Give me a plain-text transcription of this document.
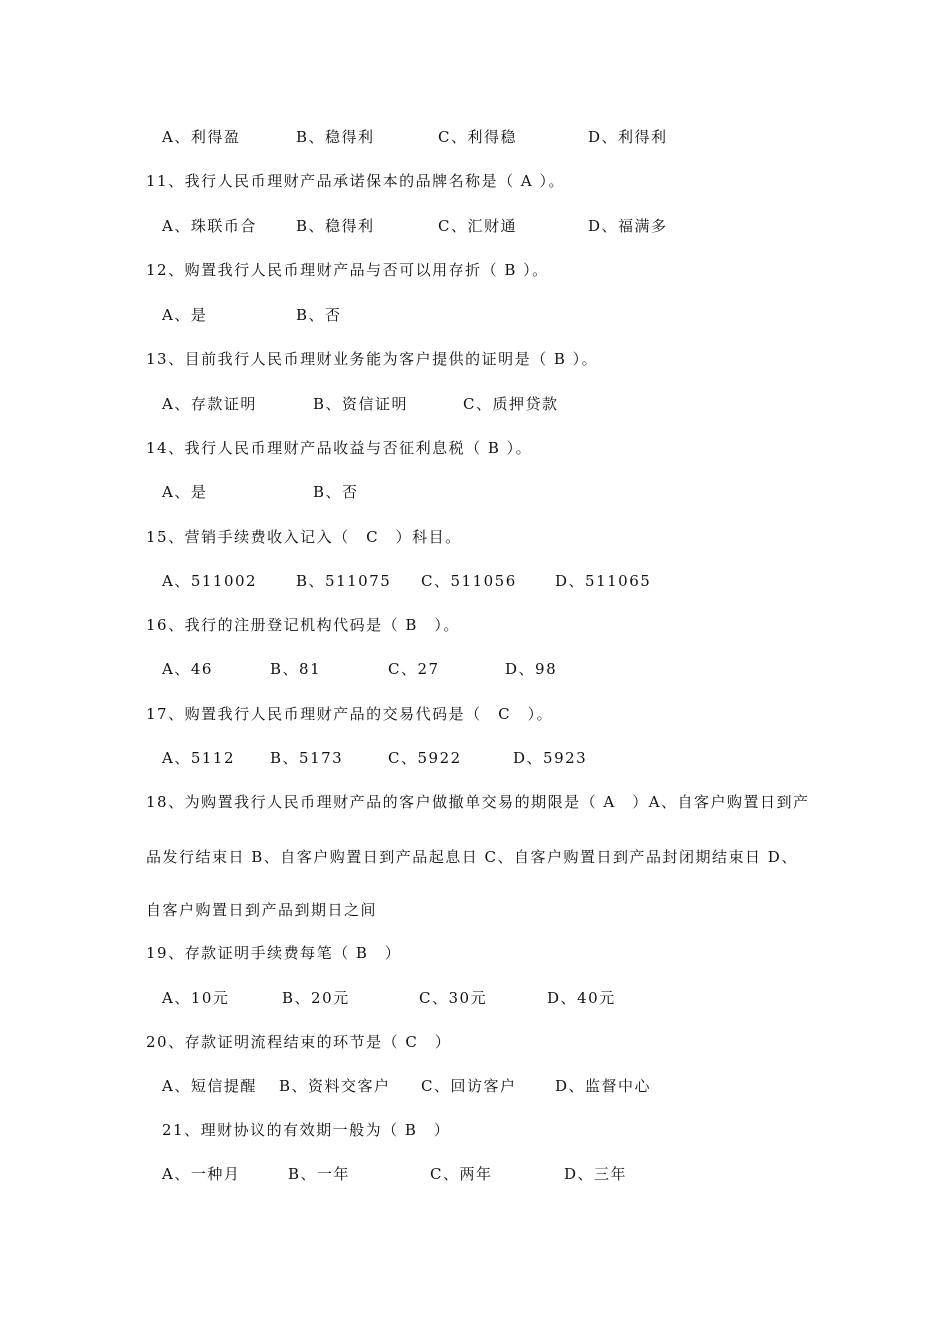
A、利得盈	B、稳得利	C、利得稳	D、利得利
11、我行人民币理财产品承诺保本的品牌名称是（ A ）。
A、珠联币合	B、稳得利	C、汇财通	D、福满多
12、购置我行人民币理财产品与否可以用存折（ B ）。
A、是	B、否
13、目前我行人民币理财业务能为客户提供的证明是（ B ）。
A、存款证明	B、资信证明	C、质押贷款
14、我行人民币理财产品收益与否征利息税（ B ）。
A、是	B、否
15、营销手续费收入记入（　C　）科目。
A、511002	B、511075 C、511056	D、511065
16、我行的注册登记机构代码是（ B　）。
A、46	B、81	C、27	D、98
17、购置我行人民币理财产品的交易代码是（　C　）。
A、5112 B、5173	C、5922	D、5923
18、为购置我行人民币理财产品的客户做撤单交易的期限是（ A　）A、自客户购置日到产
品发行结束日 B、自客户购置日到产品起息日 C、自客户购置日到产品封闭期结束日 D、
自客户购置日到产品到期日之间
19、存款证明手续费每笔（ B　）
A、10元	B、20元	C、30元	D、40元
20、存款证明流程结束的环节是（ C　）
A、短信提醒 B、资料交客户 C、回访客户	D、监督中心
21、理财协议的有效期一般为（ B　）
A、一种月	B、一年	C、两年	D、三年
